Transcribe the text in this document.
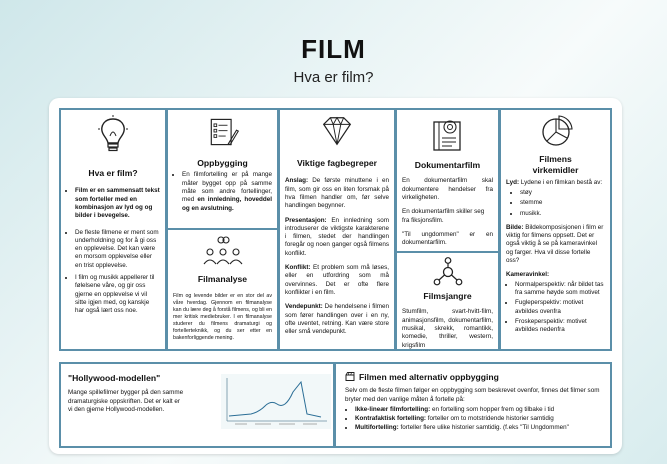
FILM
Hva er film?
Hva er film?
• Film er en sammensatt tekst som forteller med en kombinasjon av lyd og og bilder i bevegelse.
• De fleste filmene er ment som underholdning og for å gi oss en opplevelse. Det kan være en morsom opplevelse eller en trist opplevelse.
• I film og musikk appellerer til følelsene våre, og gir oss gjerne en opplevelse vi vil sitte igjen med, og kanskje har også lært oss noe.
Oppbygging
• En filmfortelling er på mange måter bygget opp på samme måte som andre fortellinger, med en innledning, hoveddel og en avslutning.
Filmanalyse

Film og levende bilder er en stor del av våre hverdag. Gjennom en filmanalyse kan du lære deg å forstå filmens, og bli en mer kritisk mediebruker. I en filmanalyse studerer du filmens dramaturgi og fortellerteknikk, og du ser etter en bakenforliggende mening.

Viktige fagbegreper

Anslag: De første minuttene i en film, som gir oss en liten forsmak på hva filmen handler om, før selve handlingen begynner.

Presentasjon: En innledning som introduserer de viktigste karakterene i filmen, stedet der handlingen foregår og noen ganger også filmens konflikt.

Konflikt: Et problem som må løses, eller en utfordring som må overvinnes. Det er ofte flere konflikter i en film.

Vendepunkt: De hendelsene i filmen som fører handlingen over i en ny, ofte uventet, retning. Kan være store eller små vendepunkt.

Dokumentarfilm

En dokumentarfilm skal dokumentere hendelser fra virkeligheten.

En dokumentarfilm skiller seg fra fiksjonsfilm.

"Til ungdommen" er en dokumentarfilm.

Filmsjangre

Stumfilm, svart-hvitt-film, animasjonsfilm, dokumentarfilm, musikal, skrekk, romantikk, komedie, thriller, western, krigsfilm

Filmens virkemidler

Lyd: Lydene i en filmkan bestå av:

• støy
• stemme
• musikk.

Bilde: Bildekomposisjonen i film er viktig for filmens oppsett. Det er også viktig å se på kameravinkel og farger. Hva vil disse fortelle oss?

Kameravinkel:

• Normalperspektiv: når bildet tas fra samme høyde som motivet
• Fugleperspektiv: motivet avbildes ovenfra
• Froskeperspektiv: motivet avbildes nedenfra
"Hollywood-modellen"

Mange spillefilmer bygger på den samme dramaturgiske oppskriften. Det er kalt er vi den gjerne Hollywood-modellen.

Filmen med alternativ oppbygging

Selv om de fleste filmen følger en oppbygging som beskrevet ovenfor, finnes det filmer som bryter med den vanlige måten å fortelle på:

• Ikke-lineær filmfortelling: en fortelling som hopper frem og tilbake i tid
• Kontrafaktisk fortelling: forteller om to motstridende historier samtidig
• Multifortelling: forteller flere ulike historier samtidig. (f.eks "Til Ungdommen"
